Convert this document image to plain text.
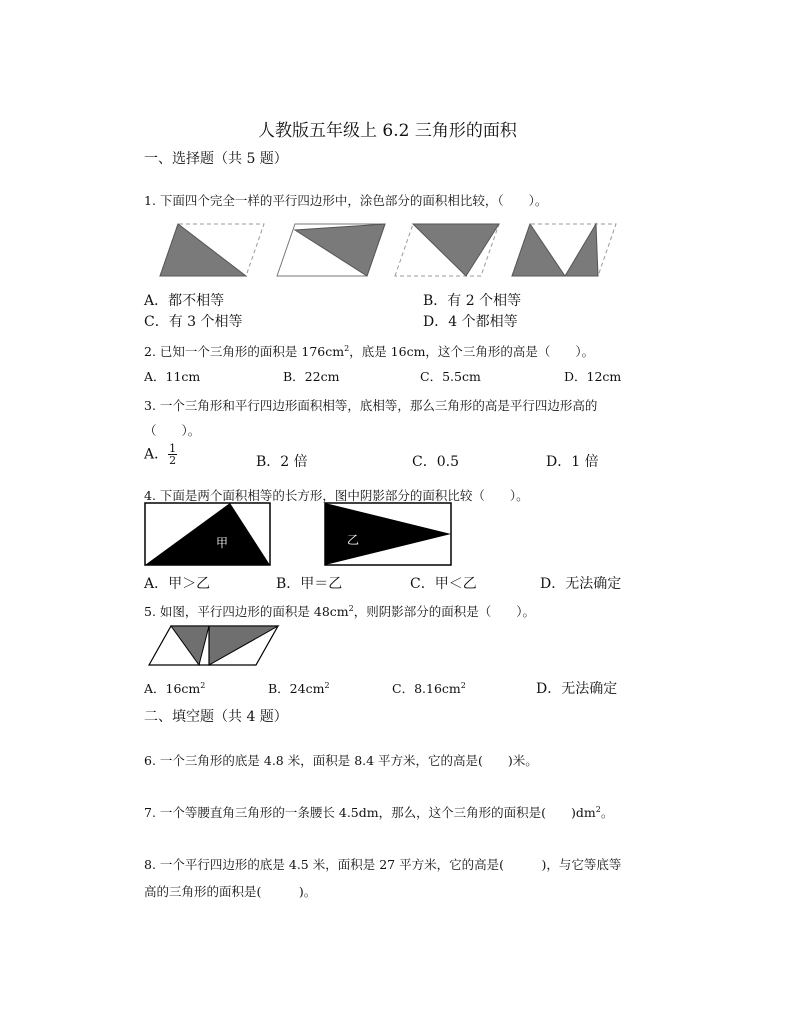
人教版五年级上 6.2 三角形的面积
一、选择题（共 5 题）
1. 下面四个完全一样的平行四边形中，涂色部分的面积相比较，（　　）。
A．都不相等	B．有 2 个相等
C．有 3 个相等	D．4 个都相等
2. 已知一个三角形的面积是 $176cm^2$，底是 16cm，这个三角形的高是（　　）。
A．11cm	B．22cm	C．5.5cm	D．12cm
3. 一个三角形和平行四边形面积相等，底相等，那么三角形的高是平行四边形高的
（　　）。
A． $\frac{1}{2}$	B．2 倍	C．0.5	D．1 倍
4. 下面是两个面积相等的长方形，图中阴影部分的面积比较（　　）。
甲	乙
A．甲＞乙	B．甲＝乙	C．甲＜乙	D．无法确定
5. 如图，平行四边形的面积是 $48cm^2$，则阴影部分的面积是（　　）。
A．$16cm^2$	B．$24cm^2$	C．$8.16cm^2$	D．无法确定
二、填空题（共 4 题）
6. 一个三角形的底是 4.8 米，面积是 8.4 平方米，它的高是(　　)米。
7. 一个等腰直角三角形的一条腰长 4.5dm，那么，这个三角形的面积是(　　)$dm^2$。
8. 一个平行四边形的底是 4.5 米，面积是 27 平方米，它的高是(　　　)，与它等底等
高的三角形的面积是(　　　)。
